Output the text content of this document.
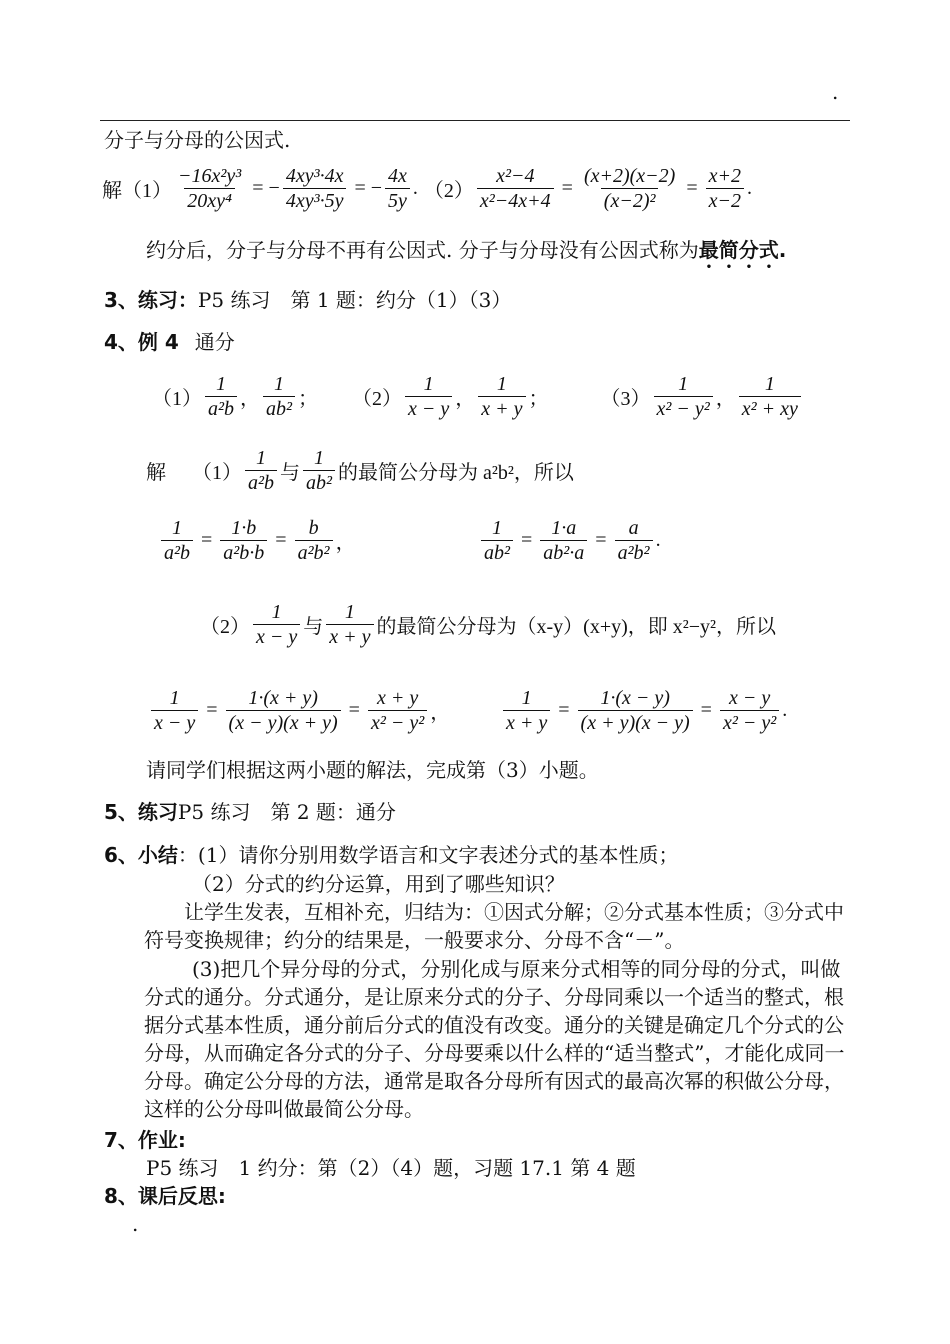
.
分子与分母的公因式.
解$(1) \frac{\text{−16x²y³}}{\text{20xy⁴}}$ = − $\frac{\text{4xy³·4x}}{\text{4xy³·5y}}$ = − $\frac{4x}{5y}$ . $(2) \frac{\text{x²−4}}{\text{x²−4x+4}} = \frac{(x+2)(x-2)}{\text{(x−2)²}} = \frac{x+2}{x-2}$ .
约分后，分子与分母不再有公因式. 分子与分母没有公因式称为最简分式.
3、练习：P5 练习　第 1 题：约分（1）（3）
4、例 4 通分
$(1) \frac{1}{\text{a²b}}$ ， $\frac{1}{\text{ab²}}$ ； $(2) \frac{1}{x - y}$ ， $\frac{1}{x + y}$ ；	$(3) \frac{1}{\text{x² − y²}}$ ， $\frac{1}{\text{x² + xy}}$
解 $(1) \frac{1}{\text{a²b}}$ 与 $\frac{1}{\text{ab²}}$ 的最简公分母为 a²b²，所以
$\frac{1}{\text{a²b}} = \frac{1\cdot b}{\text{a²b·b}} = \frac{b}{\text{a²b²}}$ ，	$\frac{1}{\text{ab²}} = \frac{1\cdot a}{\text{ab²·a}} = \frac{a}{\text{a²b²}}$ .
$(2) \frac{1}{x - y}$ 与 $\frac{1}{x + y}$ 的最简公分母为（x-y）(x+y)，即 x²−y²，所以
$\frac{1}{x - y} = \frac{1\cdot(x + y)}{(x - y)(x + y)} = \frac{x + y}{\text{x² − y²}}$ ，	$\frac{1}{x + y} = \frac{1\cdot(x - y)}{(x + y)(x - y)} = \frac{x - y}{\text{x² − y²}}$ .
请同学们根据这两小题的解法，完成第（3）小题。
5、练习P5 练习　第 2 题：通分
6、小结：(1）请你分别用数学语言和文字表述分式的基本性质；
（2）分式的约分运算，用到了哪些知识？
让学生发表，互相补充，归结为：①因式分解；②分式基本性质；③分式中符号变换规律；约分的结果是，一般要求分、分母不含“－”。
(3)把几个异分母的分式，分别化成与原来分式相等的同分母的分式，叫做分式的通分。分式通分，是让原来分式的分子、分母同乘以一个适当的整式，根据分式基本性质，通分前后分式的值没有改变。通分的关键是确定几个分式的公分母，从而确定各分式的分子、分母要乘以什么样的“适当整式”，才能化成同一分母。确定公分母的方法，通常是取各分母所有因式的最高次幂的积做公分母，这样的公分母叫做最简公分母。
7、作业:
P5 练习　1 约分：第（2）（4）题，习题 17.1 第 4 题
8、课后反思:
.
